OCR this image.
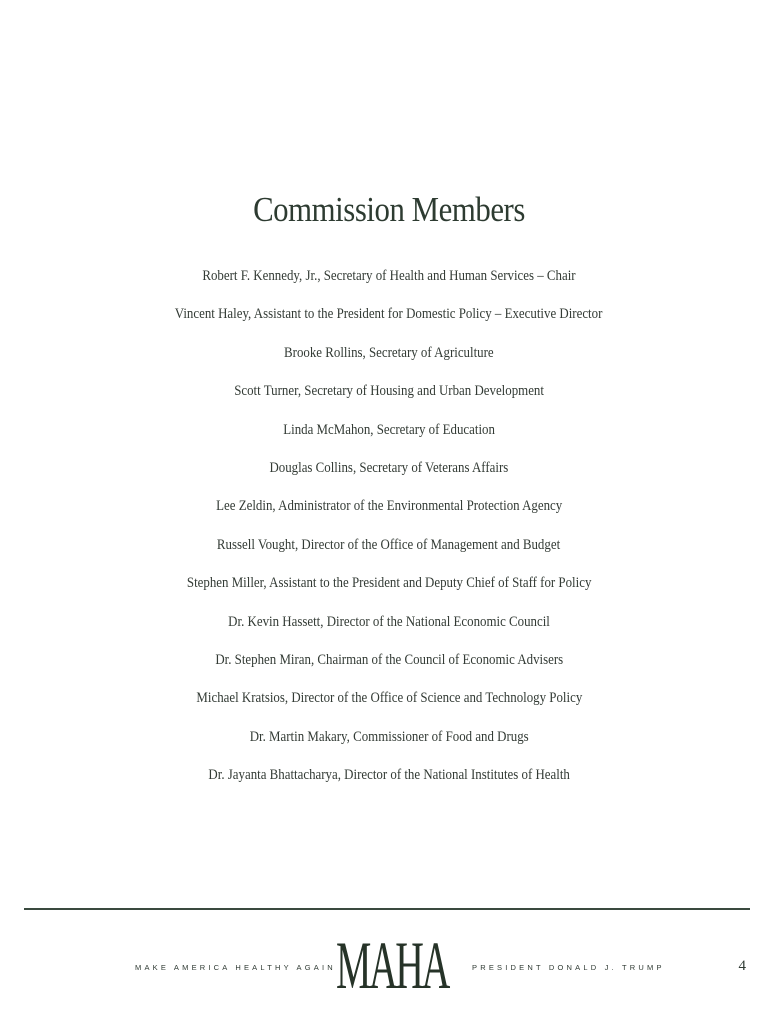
Commission Members
Robert F. Kennedy, Jr., Secretary of Health and Human Services – Chair
Vincent Haley, Assistant to the President for Domestic Policy – Executive Director
Brooke Rollins, Secretary of Agriculture
Scott Turner, Secretary of Housing and Urban Development
Linda McMahon, Secretary of Education
Douglas Collins, Secretary of Veterans Affairs
Lee Zeldin, Administrator of the Environmental Protection Agency
Russell Vought, Director of the Office of Management and Budget
Stephen Miller, Assistant to the President and Deputy Chief of Staff for Policy
Dr. Kevin Hassett, Director of the National Economic Council
Dr. Stephen Miran, Chairman of the Council of Economic Advisers
Michael Kratsios, Director of the Office of Science and Technology Policy
Dr. Martin Makary, Commissioner of Food and Drugs
Dr. Jayanta Bhattacharya, Director of the National Institutes of Health
MAKE AMERICA HEALTHY AGAIN MAHA	PRESIDENT DONALD J. TRUMP	4
